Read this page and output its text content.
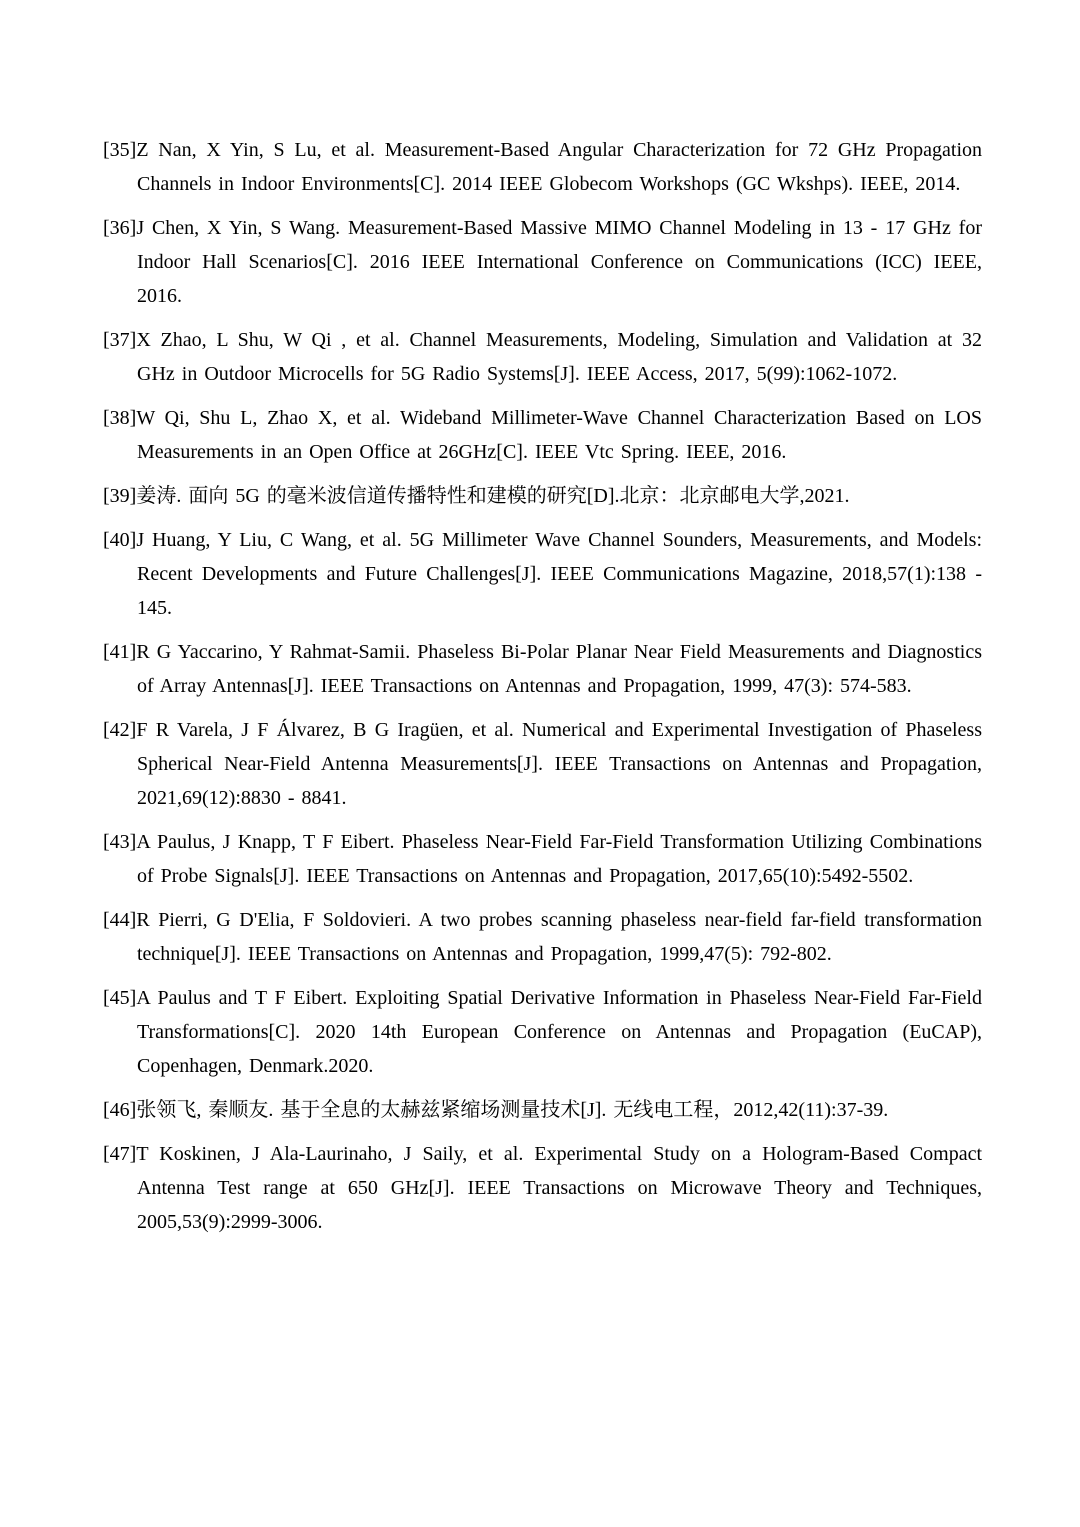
[35]Z Nan, X Yin, S Lu, et al. Measurement-Based Angular Characterization for 72 GHz Propagation Channels in Indoor Environments[C]. 2014 IEEE Globecom Workshops (GC Wkshps). IEEE, 2014.

[36]J Chen, X Yin, S Wang. Measurement-Based Massive MIMO Channel Modeling in 13 - 17 GHz for Indoor Hall Scenarios[C]. 2016 IEEE International Conference on Communications (ICC) IEEE, 2016.

[37]X Zhao, L Shu, W Qi , et al. Channel Measurements, Modeling, Simulation and Validation at 32 GHz in Outdoor Microcells for 5G Radio Systems[J]. IEEE Access, 2017, 5(99):1062-1072.

[38]W Qi, Shu L, Zhao X, et al. Wideband Millimeter-Wave Channel Characterization Based on LOS Measurements in an Open Office at 26GHz[C]. IEEE Vtc Spring. IEEE, 2016.

[39]姜涛. 面向 5G 的毫米波信道传播特性和建模的研究[D].北京：北京邮电大学,2021.

[40]J Huang, Y Liu, C Wang, et al. 5G Millimeter Wave Channel Sounders, Measurements, and Models: Recent Developments and Future Challenges[J]. IEEE Communications Magazine, 2018,57(1):138 - 145.

[41]R G Yaccarino, Y Rahmat-Samii. Phaseless Bi-Polar Planar Near Field Measurements and Diagnostics of Array Antennas[J]. IEEE Transactions on Antennas and Propagation, 1999, 47(3): 574-583.

[42]F R Varela, J F Álvarez, B G Iragüen, et al. Numerical and Experimental Investigation of Phaseless Spherical Near-Field Antenna Measurements[J]. IEEE Transactions on Antennas and Propagation, 2021,69(12):8830 - 8841.

[43]A Paulus, J Knapp, T F Eibert. Phaseless Near-Field Far-Field Transformation Utilizing Combinations of Probe Signals[J]. IEEE Transactions on Antennas and Propagation, 2017,65(10):5492-5502.

[44]R Pierri, G D'Elia, F Soldovieri. A two probes scanning phaseless near-field far-field transformation technique[J]. IEEE Transactions on Antennas and Propagation, 1999,47(5): 792-802.

[45]A Paulus and T F Eibert. Exploiting Spatial Derivative Information in Phaseless Near-Field Far-Field Transformations[C]. 2020 14th European Conference on Antennas and Propagation (EuCAP), Copenhagen, Denmark.2020.

[46]张领飞, 秦顺友. 基于全息的太赫兹紧缩场测量技术[J]. 无线电工程，2012,42(11):37-39.

[47]T Koskinen, J Ala-Laurinaho, J Saily, et al. Experimental Study on a Hologram-Based Compact Antenna Test range at 650 GHz[J]. IEEE Transactions on Microwave Theory and Techniques, 2005,53(9):2999-3006.
